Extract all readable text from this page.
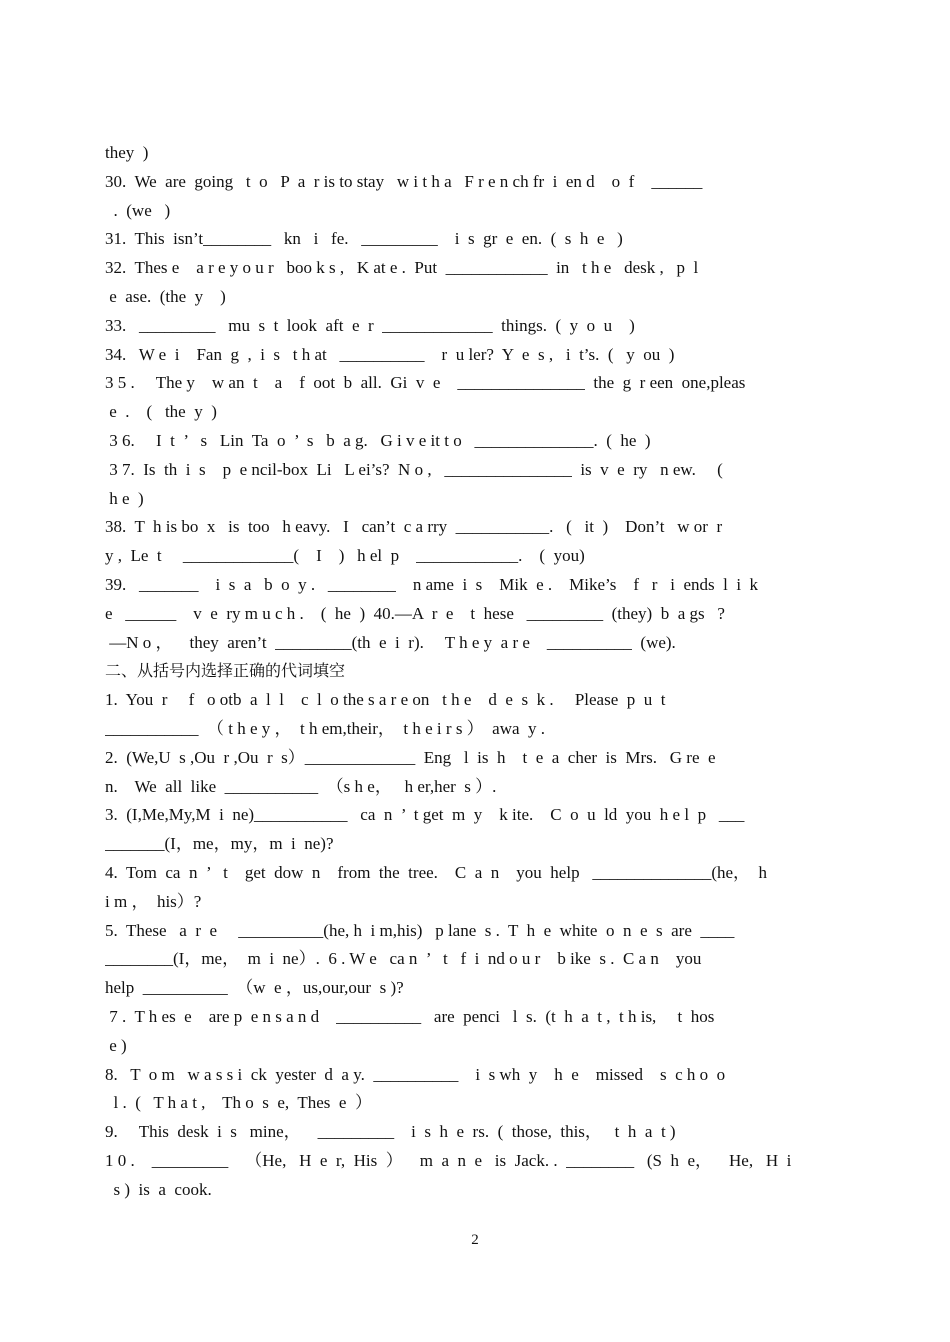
they  )
30.  We  are  going   t  o   P  a  r is to stay   w i t h a   F r e n ch fr  i  en d    o  f    ______
.  (we   )
31.  This  isn’t________   kn   i   fe.   _________    i  s  gr  e  en.  (  s  h  e   )
32.  Thes e    a r e y o u r   boo k s ,   K at e .  Put  ____________  in   t h e   desk ,   p  l
e  ase.  (the  y    )
33.   _________   mu  s  t  look  aft  e  r  _____________  things.  (  y  o  u    )
34.   W e  i    Fan  g  ,  i  s   t h at   __________    r  u ler?  Y  e  s ,   i  t’s.  (   y  ou  )
3 5 .     The y    w an  t    a    f  oot  b  all.  Gi  v  e    _______________  the  g  r een  one,pleas
e  .    (   the  y  )
3 6.     I  t  ’   s   Lin  Ta  o  ’  s   b  a g.   G i v e it t o   ______________.  (  he  )
3 7.  Is  th  i  s    p  e ncil-box  Li   L ei’s?  N o ,   _______________  is  v  e  ry   n ew.     (
h e  )
38.  T  h is bo  x   is  too   h eavy.   I   can’t  c a rry  ___________.   (   it  )    Don’t   w or  r
y ,  Le  t     _____________(    I    )   h el  p    ____________.    (  you)
39.   _______    i  s  a   b  o  y .   ________    n ame  i  s    Mik  e .    Mike’s    f   r   i  ends  l  i  k
e   ______    v  e  ry m u c h .    (  he  )  40.—A  r  e    t  hese   _________  (they)  b  a gs   ?
—N o ，    they  aren’t  _________(th  e  i  r).     T h e y  a r e    __________  (we).
二、从括号内选择正确的代词填空
1.  You  r     f   o otb  a  l  l    c  l  o the s a r e on   t h e    d  e  s  k .     Please  p  u  t
___________  （ t h e y ，  t h em,their，  t h e i r s ）  awa  y .
2.  (We,U  s ,Ou  r ,Ou  r  s）_____________  Eng   l  is  h    t  e  a  cher  is  Mrs.   G re  e
n.    We  all  like  ___________  （s h e，   h er,her  s ）.
3.  (I,Me,My,M  i  ne)___________   ca  n  ’  t get  m  y    k ite.    C  o  u  ld  you  h e l  p   ___
_______(I，me，my，m  i  ne)?
4.  Tom  ca  n  ’   t    get  dow  n    from  the  tree.    C  a  n    you  help   ______________(he，  h
i m ，  his）?
5.  These   a  r  e     __________(he, h  i m,his)   p lane  s .  T  h  e  white  o  n  e  s  are  ____
________(I，me，  m  i  ne）.  6 . W e   ca n  ’   t   f  i  nd o u r    b ike  s .  C a n    you
help  __________  （w  e ，us,our,our  s )?
7 .  T h es  e    are p  e n s a n d    __________   are  penci   l  s.  (t  h  a  t ,  t h is,     t  hos
e )
8.   T  o m   w a s s i  ck  yester  d  a y.  __________    i  s wh  y    h  e    missed    s  c h o  o
l .  (   T h a t ,    Th o  s  e,  Thes  e  ）
9.     This  desk  i  s   mine，    _________    i  s  h  e  rs.  (  those,  this，   t  h  a  t )
1 0 .    _________    （He,   H  e  r,  His  ）    m  a  n  e   is  Jack. .  ________   (S  h  e，    He,   H  i
s )  is  a  cook.
2
